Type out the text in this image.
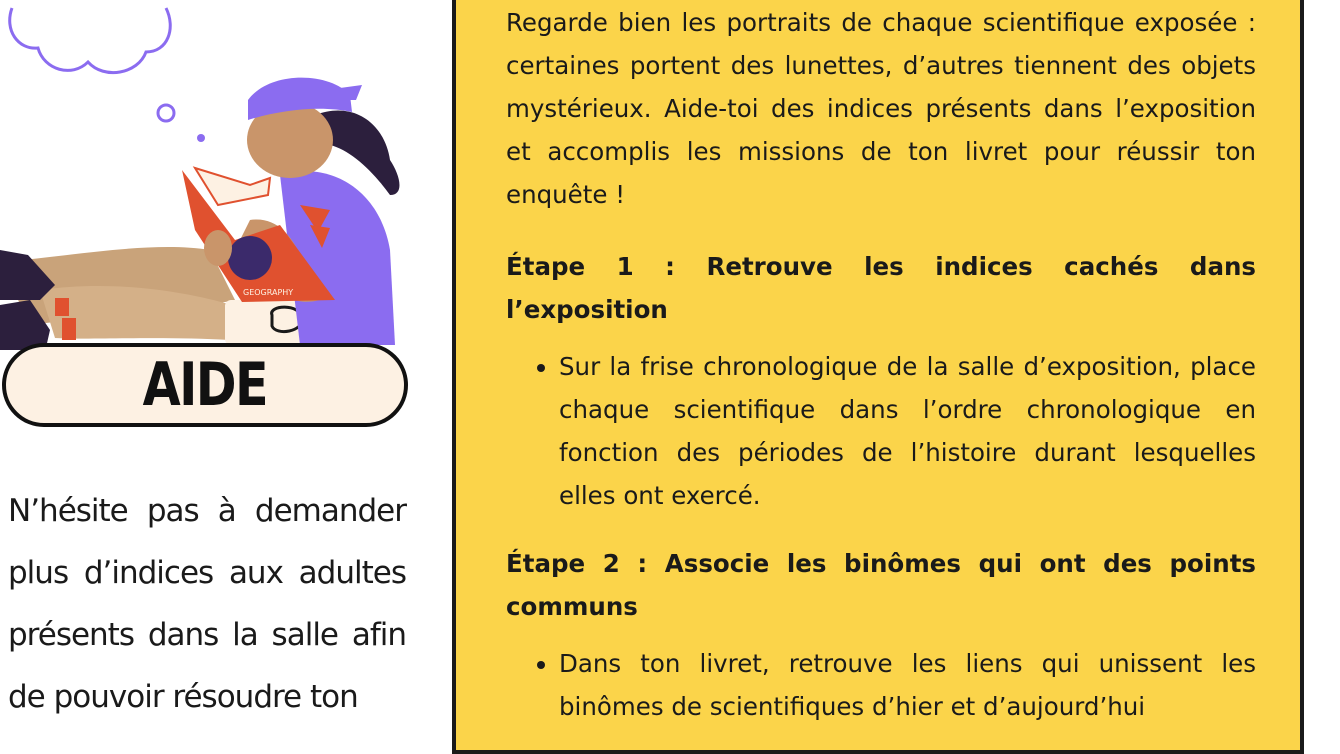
GEOGRAPHY
AIDE

N’hésite pas à demander plus d’indices aux adultes présents dans la salle afin de pouvoir résoudre ton

Regarde bien les portraits de chaque scientifique exposée : certaines portent des lunettes, d’autres tiennent des objets mystérieux. Aide-toi des indices présents dans l’exposition et accomplis les missions de ton livret pour réussir ton enquête !

Étape 1 : Retrouve les indices cachés dans l’exposition

• Sur la frise chronologique de la salle d’exposition, place chaque scientifique dans l’ordre chronologique en fonction des périodes de l’histoire durant lesquelles elles ont exercé.

Étape 2 : Associe les binômes qui ont des points communs

• Dans ton livret, retrouve les liens qui unissent les binômes de scientifiques d’hier et d’aujourd’hui
